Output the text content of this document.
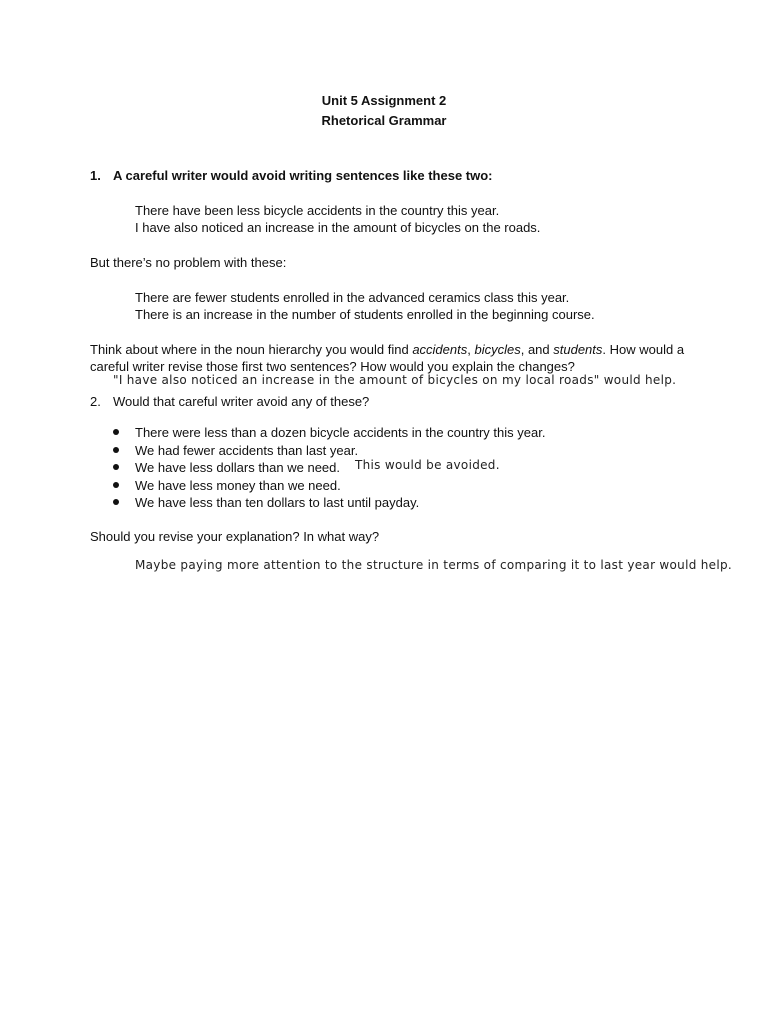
Unit 5 Assignment 2
Rhetorical Grammar
1. A careful writer would avoid writing sentences like these two:
There have been less bicycle accidents in the country this year.
I have also noticed an increase in the amount of bicycles on the roads.
But there’s no problem with these:
There are fewer students enrolled in the advanced ceramics class this year.
There is an increase in the number of students enrolled in the beginning course.
Think about where in the noun hierarchy you would find accidents, bicycles, and students. How would a
careful writer revise those first two sentences? How would you explain the changes?
"I have also noticed an increase in the amount of bicycles on my local roads" would help.
2. Would that careful writer avoid any of these?
There were less than a dozen bicycle accidents in the country this year.
We had fewer accidents than last year.
We have less dollars than we need.
We have less money than we need.
We have less than ten dollars to last until payday.
This would be avoided.
Should you revise your explanation? In what way?
Maybe paying more attention to the structure in terms of comparing it to last year would help.
